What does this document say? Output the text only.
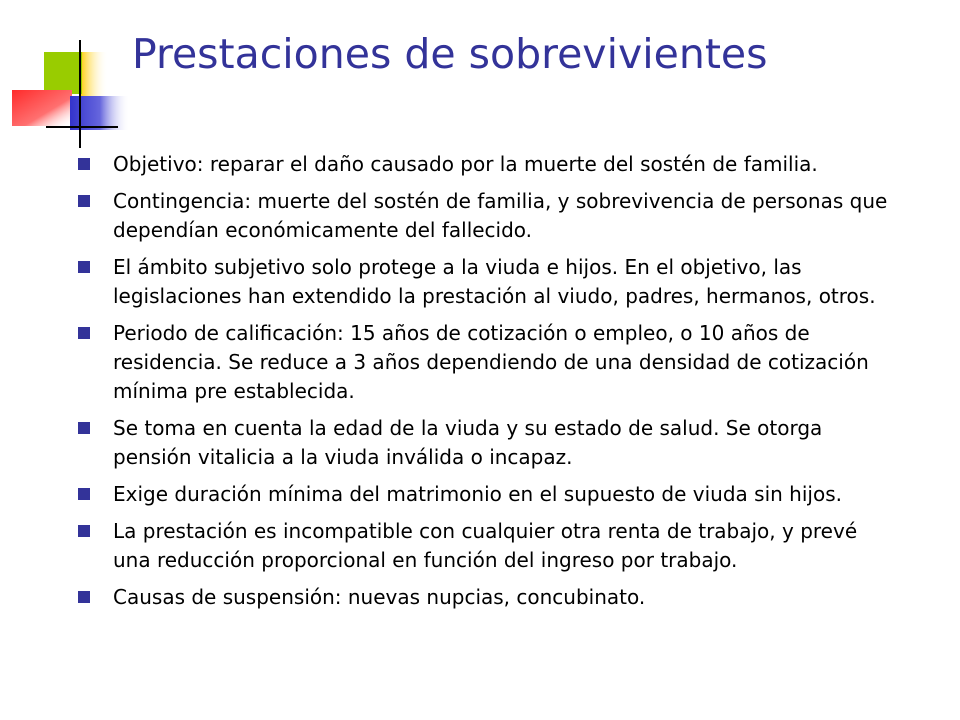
Prestaciones de sobrevivientes
Objetivo: reparar el daño causado por la muerte del sostén de familia.
Contingencia: muerte del sostén de familia, y sobrevivencia de personas que dependían económicamente del fallecido.
El ámbito subjetivo solo protege a la viuda e hijos. En el objetivo, las legislaciones han extendido la prestación al viudo, padres, hermanos, otros.
Periodo de calificación: 15 años de cotización o empleo, o 10 años de residencia. Se reduce a 3 años dependiendo de una densidad de cotización mínima pre establecida.
Se toma en cuenta la edad de la viuda y su estado de salud. Se otorga pensión vitalicia a la viuda inválida o incapaz.
Exige duración mínima del matrimonio en el supuesto de viuda sin hijos.
La prestación es incompatible con cualquier otra renta de trabajo, y prevé una reducción proporcional en función del ingreso por trabajo.
Causas de suspensión: nuevas nupcias, concubinato.
